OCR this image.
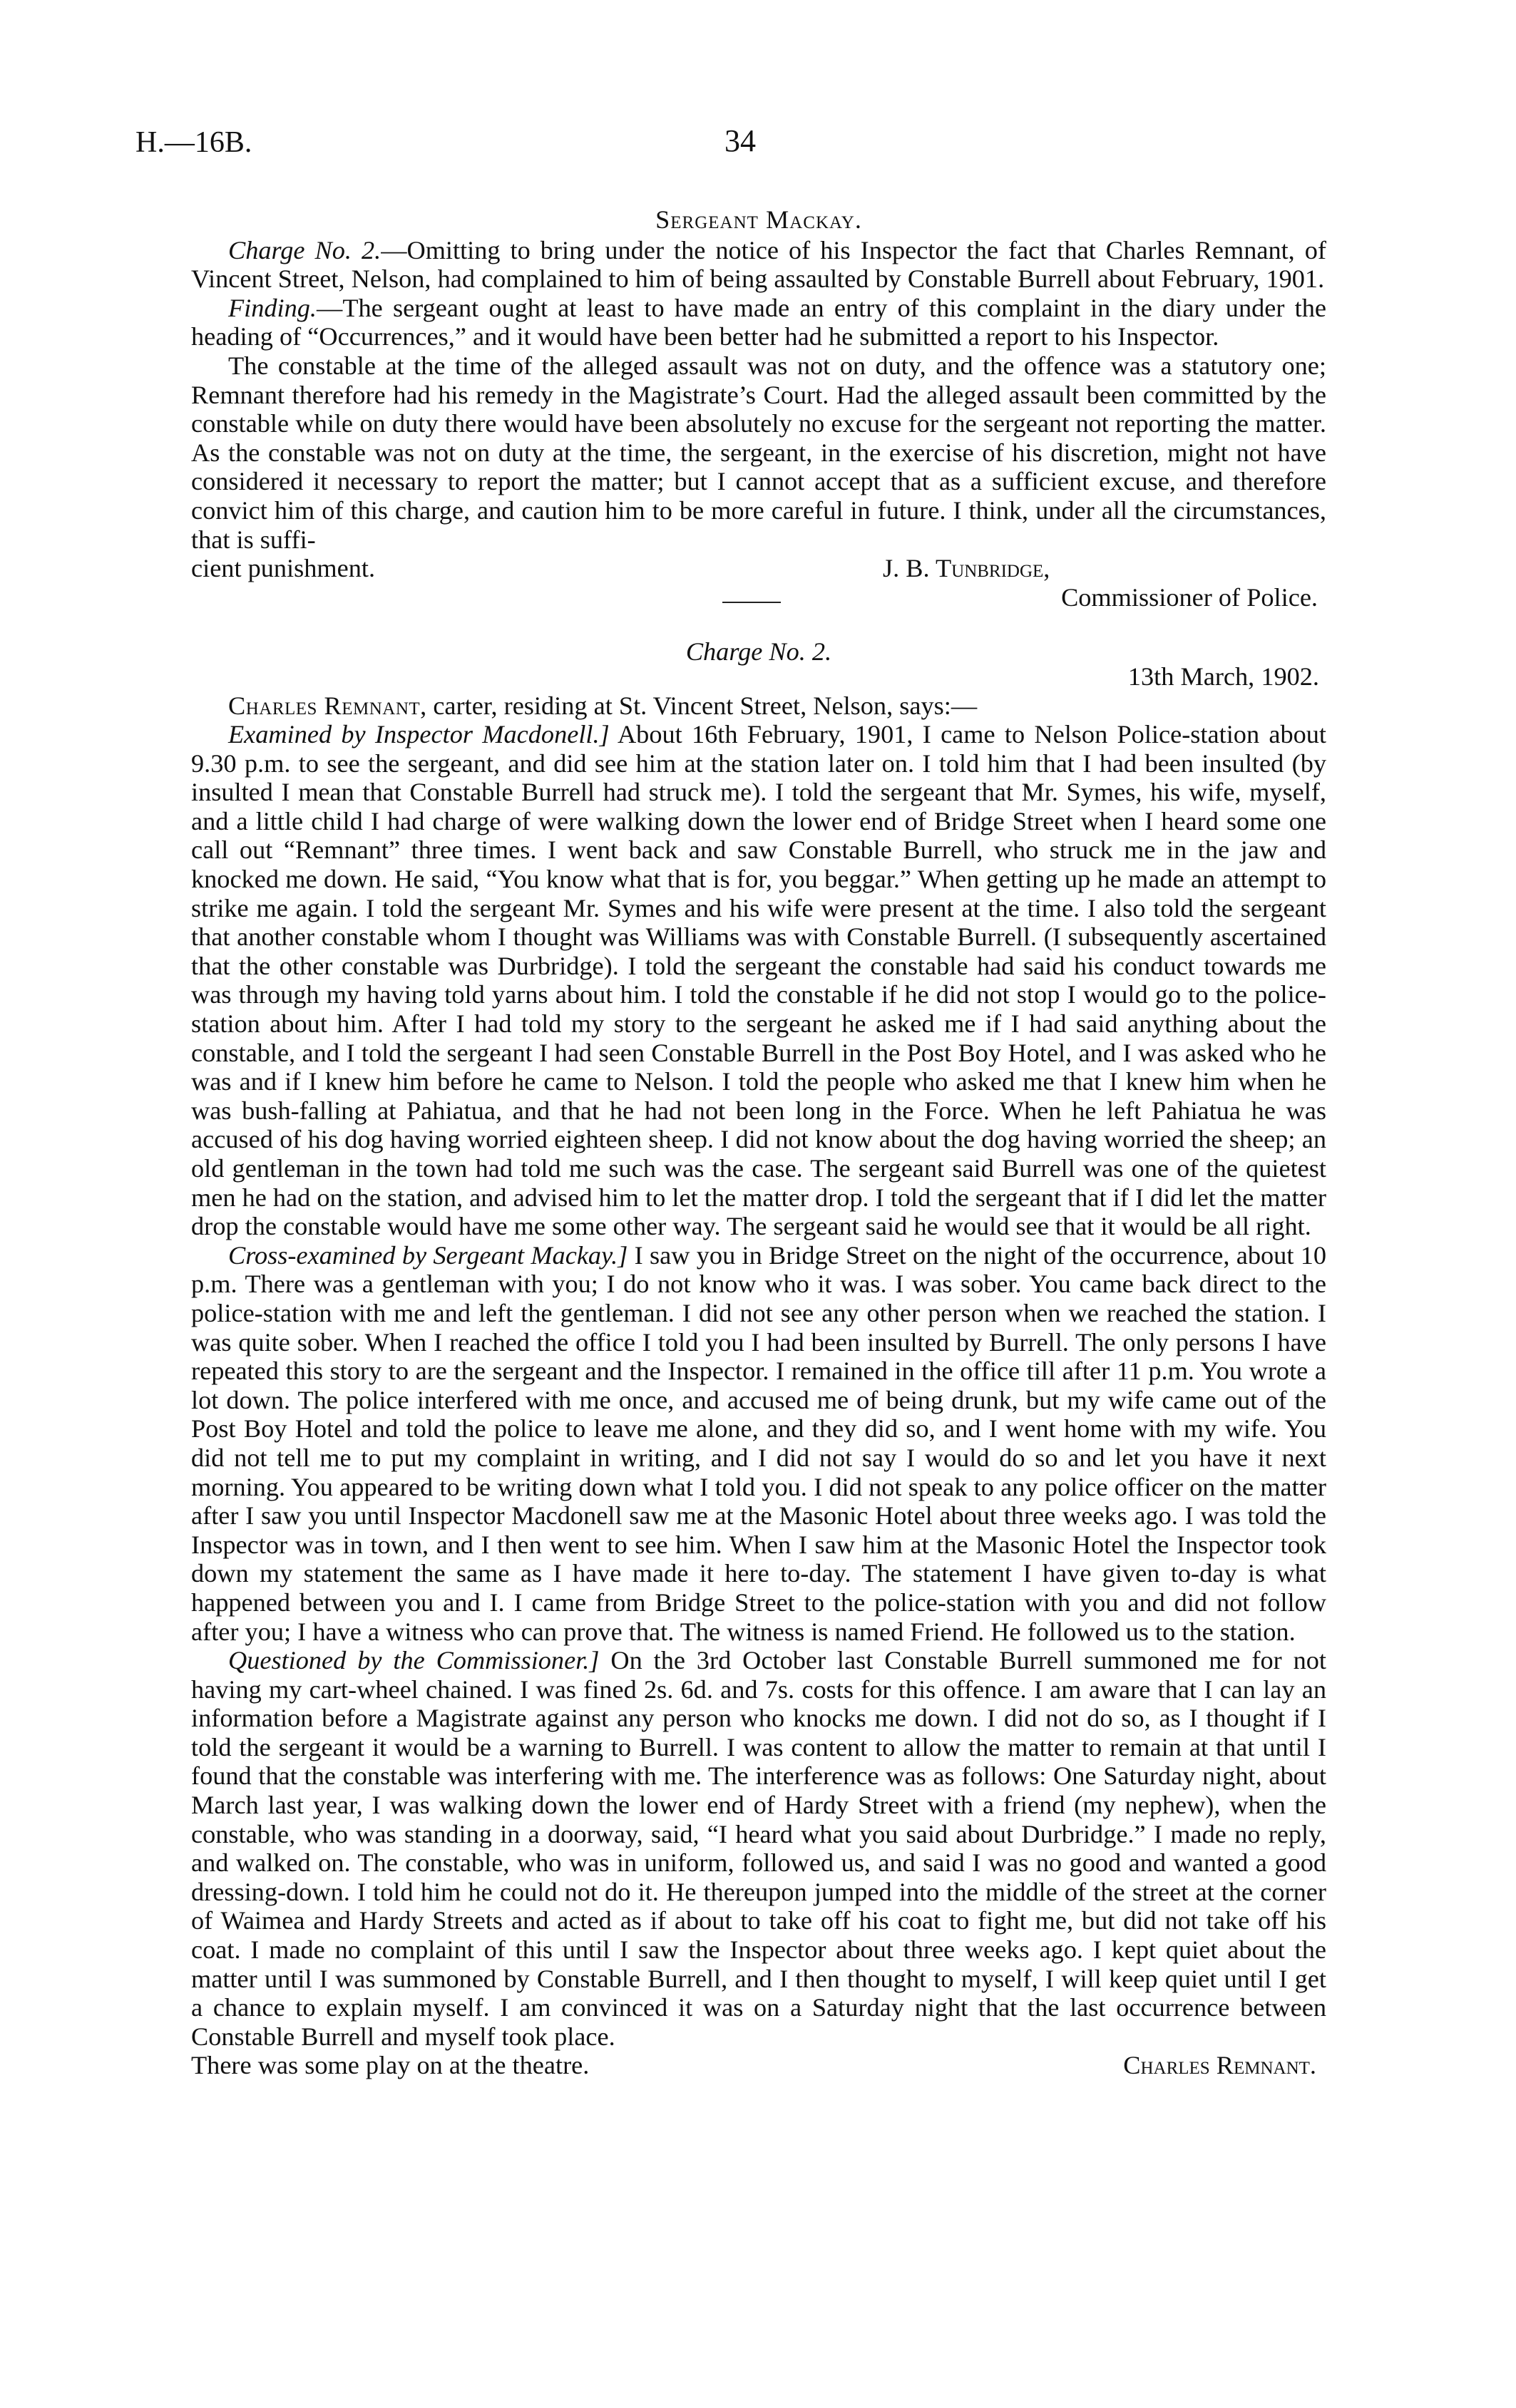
H.—16B.	34
Sergeant Mackay.

Charge No. 2.—Omitting to bring under the notice of his Inspector the fact that Charles Remnant, of Vincent Street, Nelson, had complained to him of being assaulted by Constable Burrell about February, 1901.

Finding.—The sergeant ought at least to have made an entry of this complaint in the diary under the heading of “Occurrences,” and it would have been better had he submitted a report to his Inspector.

The constable at the time of the alleged assault was not on duty, and the offence was a statutory one; Remnant therefore had his remedy in the Magistrate’s Court. Had the alleged assault been committed by the constable while on duty there would have been absolutely no excuse for the sergeant not reporting the matter. As the constable was not on duty at the time, the sergeant, in the exercise of his discretion, might not have considered it necessary to report the matter; but I cannot accept that as a sufficient excuse, and therefore convict him of this charge, and caution him to be more careful in future. I think, under all the circumstances, that is suffi-

cient punishment.	J. B. Tunbridge,
Commissioner of Police.
Charge No. 2.
13th March, 1902.

Charles Remnant, carter, residing at St. Vincent Street, Nelson, says:—

Examined by Inspector Macdonell.] About 16th February, 1901, I came to Nelson Police-station about 9.30 p.m. to see the sergeant, and did see him at the station later on. I told him that I had been insulted (by insulted I mean that Constable Burrell had struck me). I told the sergeant that Mr. Symes, his wife, myself, and a little child I had charge of were walking down the lower end of Bridge Street when I heard some one call out “Remnant” three times. I went back and saw Constable Burrell, who struck me in the jaw and knocked me down. He said, “You know what that is for, you beggar.” When getting up he made an attempt to strike me again. I told the sergeant Mr. Symes and his wife were present at the time. I also told the sergeant that another constable whom I thought was Williams was with Constable Burrell. (I subsequently ascertained that the other constable was Durbridge). I told the sergeant the constable had said his conduct towards me was through my having told yarns about him. I told the constable if he did not stop I would go to the police-station about him. After I had told my story to the sergeant he asked me if I had said anything about the constable, and I told the sergeant I had seen Constable Burrell in the Post Boy Hotel, and I was asked who he was and if I knew him before he came to Nelson. I told the people who asked me that I knew him when he was bush-falling at Pahiatua, and that he had not been long in the Force. When he left Pahiatua he was accused of his dog having worried eighteen sheep. I did not know about the dog having worried the sheep; an old gentleman in the town had told me such was the case. The sergeant said Burrell was one of the quietest men he had on the station, and advised him to let the matter drop. I told the sergeant that if I did let the matter drop the constable would have me some other way. The sergeant said he would see that it would be all right.

Cross-examined by Sergeant Mackay.] I saw you in Bridge Street on the night of the occurrence, about 10 p.m. There was a gentleman with you; I do not know who it was. I was sober. You came back direct to the police-station with me and left the gentleman. I did not see any other person when we reached the station. I was quite sober. When I reached the office I told you I had been insulted by Burrell. The only persons I have repeated this story to are the sergeant and the Inspector. I remained in the office till after 11 p.m. You wrote a lot down. The police interfered with me once, and accused me of being drunk, but my wife came out of the Post Boy Hotel and told the police to leave me alone, and they did so, and I went home with my wife. You did not tell me to put my complaint in writing, and I did not say I would do so and let you have it next morning. You appeared to be writing down what I told you. I did not speak to any police officer on the matter after I saw you until Inspector Macdonell saw me at the Masonic Hotel about three weeks ago. I was told the Inspector was in town, and I then went to see him. When I saw him at the Masonic Hotel the Inspector took down my statement the same as I have made it here to-day. The statement I have given to-day is what happened between you and I. I came from Bridge Street to the police-station with you and did not follow after you; I have a witness who can prove that. The witness is named Friend. He followed us to the station.

Questioned by the Commissioner.] On the 3rd October last Constable Burrell summoned me for not having my cart-wheel chained. I was fined 2s. 6d. and 7s. costs for this offence. I am aware that I can lay an information before a Magistrate against any person who knocks me down. I did not do so, as I thought if I told the sergeant it would be a warning to Burrell. I was content to allow the matter to remain at that until I found that the constable was interfering with me. The interference was as follows: One Saturday night, about March last year, I was walking down the lower end of Hardy Street with a friend (my nephew), when the constable, who was standing in a doorway, said, “I heard what you said about Durbridge.” I made no reply, and walked on. The constable, who was in uniform, followed us, and said I was no good and wanted a good dressing-down. I told him he could not do it. He thereupon jumped into the middle of the street at the corner of Waimea and Hardy Streets and acted as if about to take off his coat to fight me, but did not take off his coat. I made no complaint of this until I saw the Inspector about three weeks ago. I kept quiet about the matter until I was summoned by Constable Burrell, and I then thought to myself, I will keep quiet until I get a chance to explain myself. I am convinced it was on a Saturday night that the last occurrence between Constable Burrell and myself took place.

There was some play on at the theatre.	Charles Remnant.
